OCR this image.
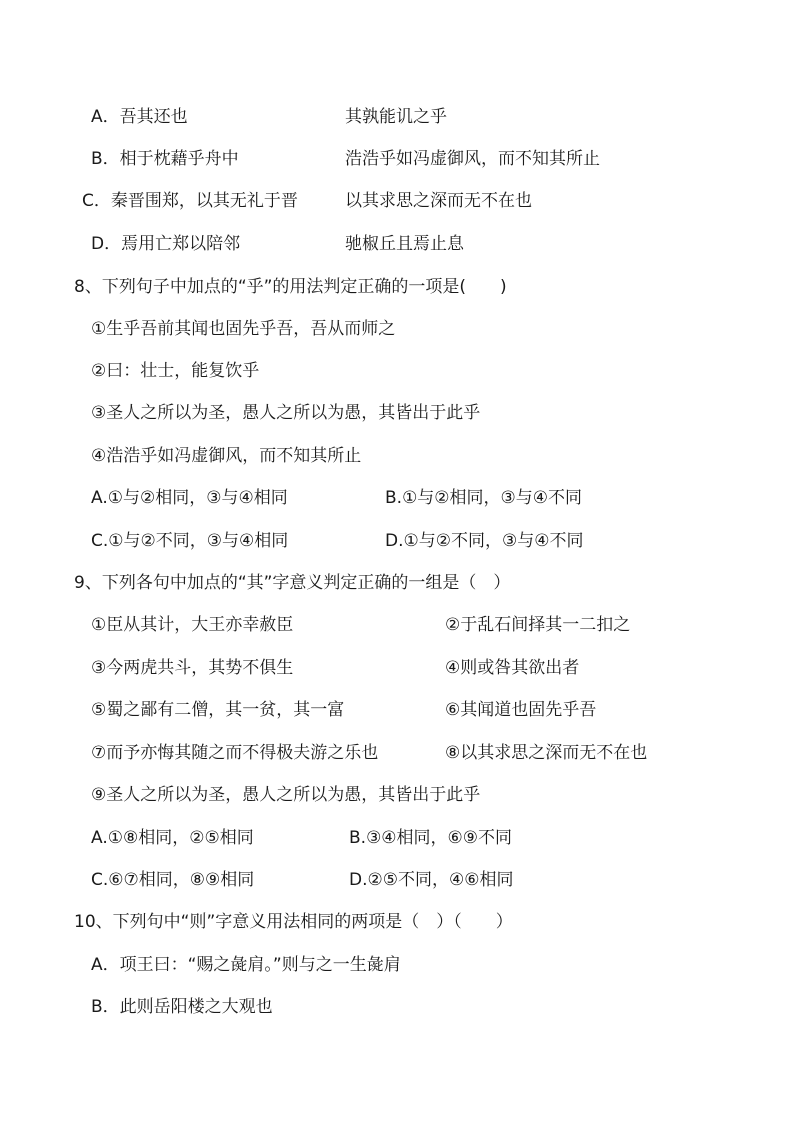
A．吾其还也	其孰能讥之乎
B．相于枕藉乎舟中	浩浩乎如冯虚御风，而不知其所止
C．秦晋围郑，以其无礼于晋	以其求思之深而无不在也
D．焉用亡郑以陪邻	驰椒丘且焉止息
8、下列句子中加点的“乎”的用法判定正确的一项是(　　)
①生乎吾前其闻也固先乎吾，吾从而师之
②曰：壮士，能复饮乎
③圣人之所以为圣，愚人之所以为愚，其皆出于此乎
④浩浩乎如冯虚御风，而不知其所止
A.①与②相同，③与④相同	B.①与②相同，③与④不同
C.①与②不同，③与④相同	D.①与②不同，③与④不同
9、下列各句中加点的“其”字意义判定正确的一组是（　）
①臣从其计，大王亦幸赦臣	②于乱石间择其一二扣之
③今两虎共斗，其势不俱生	④则或咎其欲出者
⑤蜀之鄙有二僧，其一贫，其一富	⑥其闻道也固先乎吾
⑦而予亦悔其随之而不得极夫游之乐也	⑧以其求思之深而无不在也
⑨圣人之所以为圣，愚人之所以为愚，其皆出于此乎
A.①⑧相同，②⑤相同	B.③④相同，⑥⑨不同
C.⑥⑦相同，⑧⑨相同	D.②⑤不同，④⑥相同
10、下列句中“则”字意义用法相同的两项是（　）（　　）
A．项王曰：“赐之彘肩。”则与之一生彘肩
B．此则岳阳楼之大观也
